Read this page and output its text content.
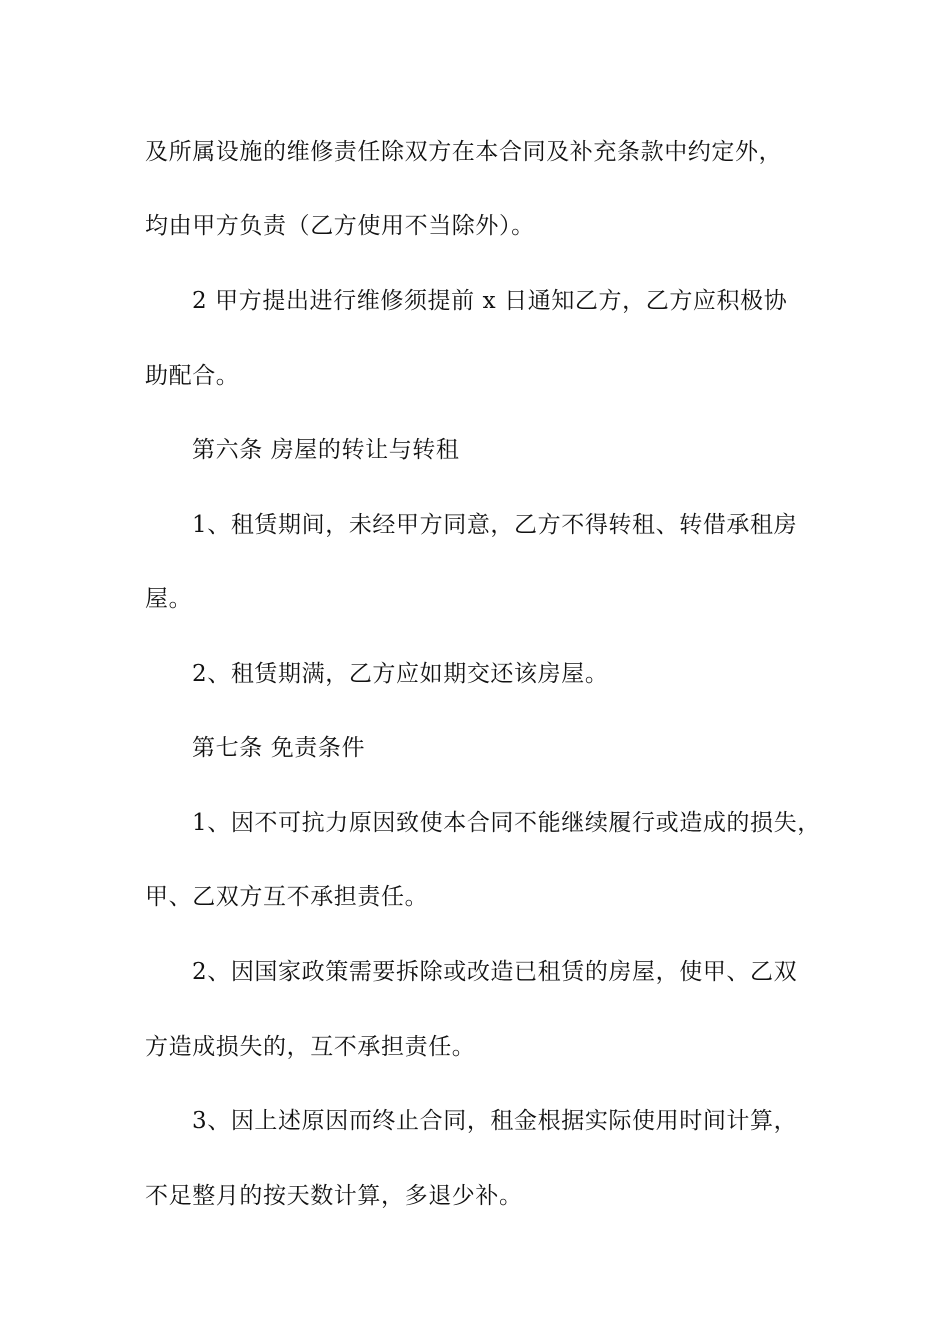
及所属设施的维修责任除双方在本合同及补充条款中约定外，
均由甲方负责（乙方使用不当除外）。
2 甲方提出进行维修须提前 x 日通知乙方，乙方应积极协
助配合。
第六条 房屋的转让与转租
1、租赁期间，未经甲方同意，乙方不得转租、转借承租房
屋。
2、租赁期满，乙方应如期交还该房屋。
第七条 免责条件
1、因不可抗力原因致使本合同不能继续履行或造成的损失，
甲、乙双方互不承担责任。
2、因国家政策需要拆除或改造已租赁的房屋，使甲、乙双
方造成损失的，互不承担责任。
3、因上述原因而终止合同，租金根据实际使用时间计算，
不足整月的按天数计算，多退少补。
